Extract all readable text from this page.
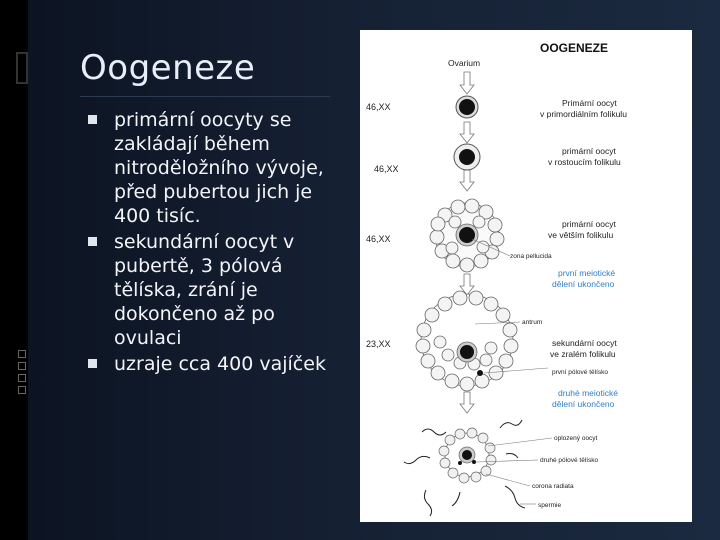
Oogeneze
primární oocyty se zakládají během nitroděložního vývoje, před pubertou jich je 400 tisíc.
sekundární oocyt v pubertě, 3 pólová tělíska, zrání je dokončeno až po ovulaci
uzraje cca 400 vajíček
OOGENEZE
Ovarium
46,XX	Primární oocyt
v primordiálním folikulu
46,XX
primární oocyt
v rostoucím folikulu
46,XX
primární oocyt
ve větším folikulu
zona pellucida
první meiotické
dělení ukončeno
23,XX
antrum
sekundární oocyt
ve zralém folikulu
první pólové tělísko
druhé meiotické
dělení ukončeno
oplozený oocyt
druhé pólové tělísko
corona radiata
spermie
